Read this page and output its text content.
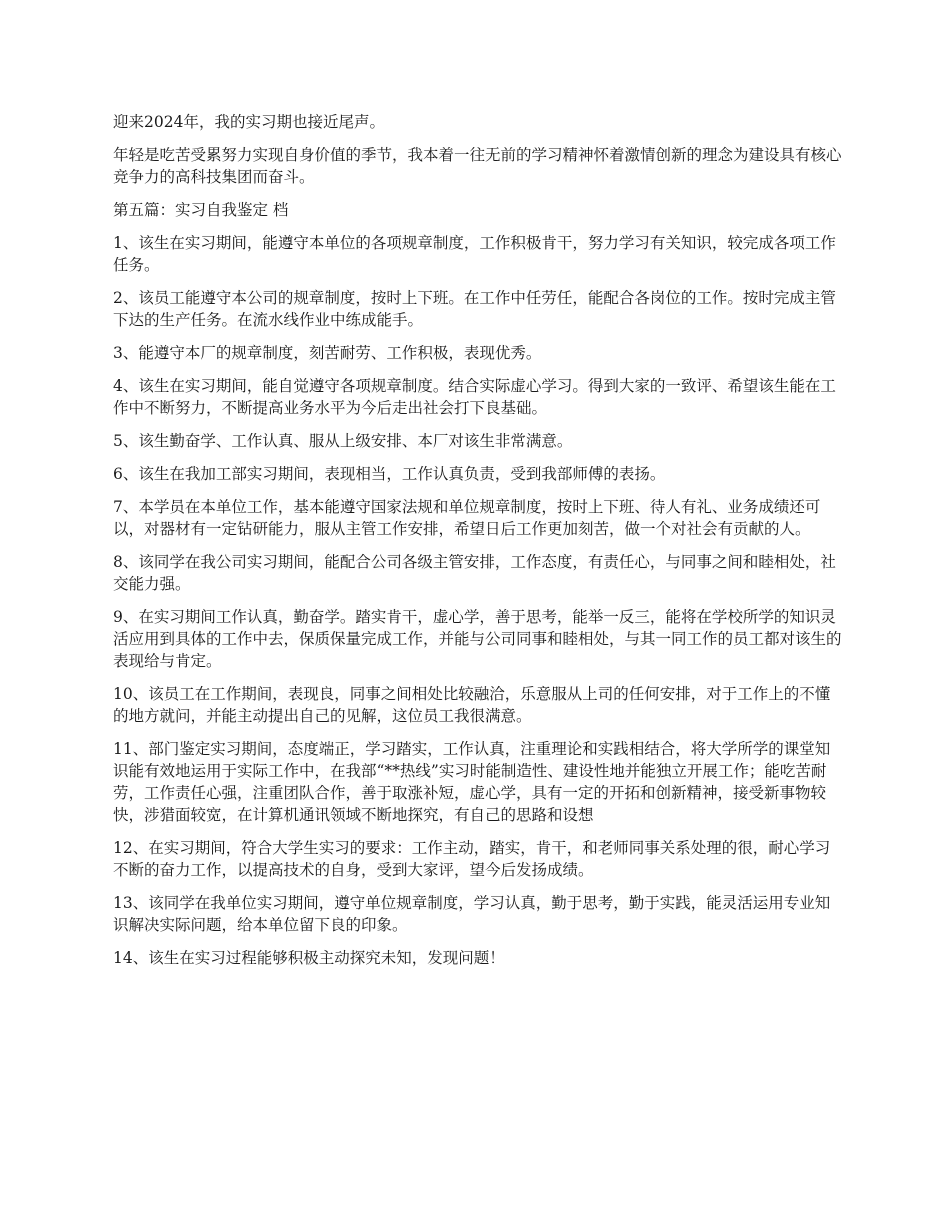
迎来2024年，我的实习期也接近尾声。

年轻是吃苦受累努力实现自身价值的季节，我本着一往无前的学习精神怀着激情创新的理念为建设具有核心竞争力的高科技集团而奋斗。

第五篇：实习自我鉴定 档

1、该生在实习期间，能遵守本单位的各项规章制度，工作积极肯干，努力学习有关知识，较完成各项工作任务。

2、该员工能遵守本公司的规章制度，按时上下班。在工作中任劳任，能配合各岗位的工作。按时完成主管下达的生产任务。在流水线作业中练成能手。

3、能遵守本厂的规章制度，刻苦耐劳、工作积极，表现优秀。

4、该生在实习期间，能自觉遵守各项规章制度。结合实际虚心学习。得到大家的一致评、希望该生能在工作中不断努力，不断提高业务水平为今后走出社会打下良基础。

5、该生勤奋学、工作认真、服从上级安排、本厂对该生非常满意。

6、该生在我加工部实习期间，表现相当，工作认真负责，受到我部师傅的表扬。

7、本学员在本单位工作，基本能遵守国家法规和单位规章制度，按时上下班、待人有礼、业务成绩还可以，对器材有一定钻研能力，服从主管工作安排，希望日后工作更加刻苦，做一个对社会有贡献的人。

8、该同学在我公司实习期间，能配合公司各级主管安排，工作态度，有责任心，与同事之间和睦相处，社交能力强。

9、在实习期间工作认真，勤奋学。踏实肯干，虚心学，善于思考，能举一反三，能将在学校所学的知识灵活应用到具体的工作中去，保质保量完成工作，并能与公司同事和睦相处，与其一同工作的员工都对该生的表现给与肯定。

10、该员工在工作期间，表现良，同事之间相处比较融洽，乐意服从上司的任何安排，对于工作上的不懂的地方就问，并能主动提出自己的见解，这位员工我很满意。

11、部门鉴定实习期间，态度端正，学习踏实，工作认真，注重理论和实践相结合，将大学所学的课堂知识能有效地运用于实际工作中，在我部“**热线”实习时能制造性、建设性地并能独立开展工作；能吃苦耐劳，工作责任心强，注重团队合作，善于取涨补短，虚心学，具有一定的开拓和创新精神，接受新事物较快，涉猎面较宽，在计算机通讯领域不断地探究，有自己的思路和设想

12、在实习期间，符合大学生实习的要求：工作主动，踏实，肯干，和老师同事关系处理的很，耐心学习不断的奋力工作，以提高技术的自身，受到大家评，望今后发扬成绩。

13、该同学在我单位实习期间，遵守单位规章制度，学习认真，勤于思考，勤于实践，能灵活运用专业知识解决实际问题，给本单位留下良的印象。

14、该生在实习过程能够积极主动探究未知，发现问题！
